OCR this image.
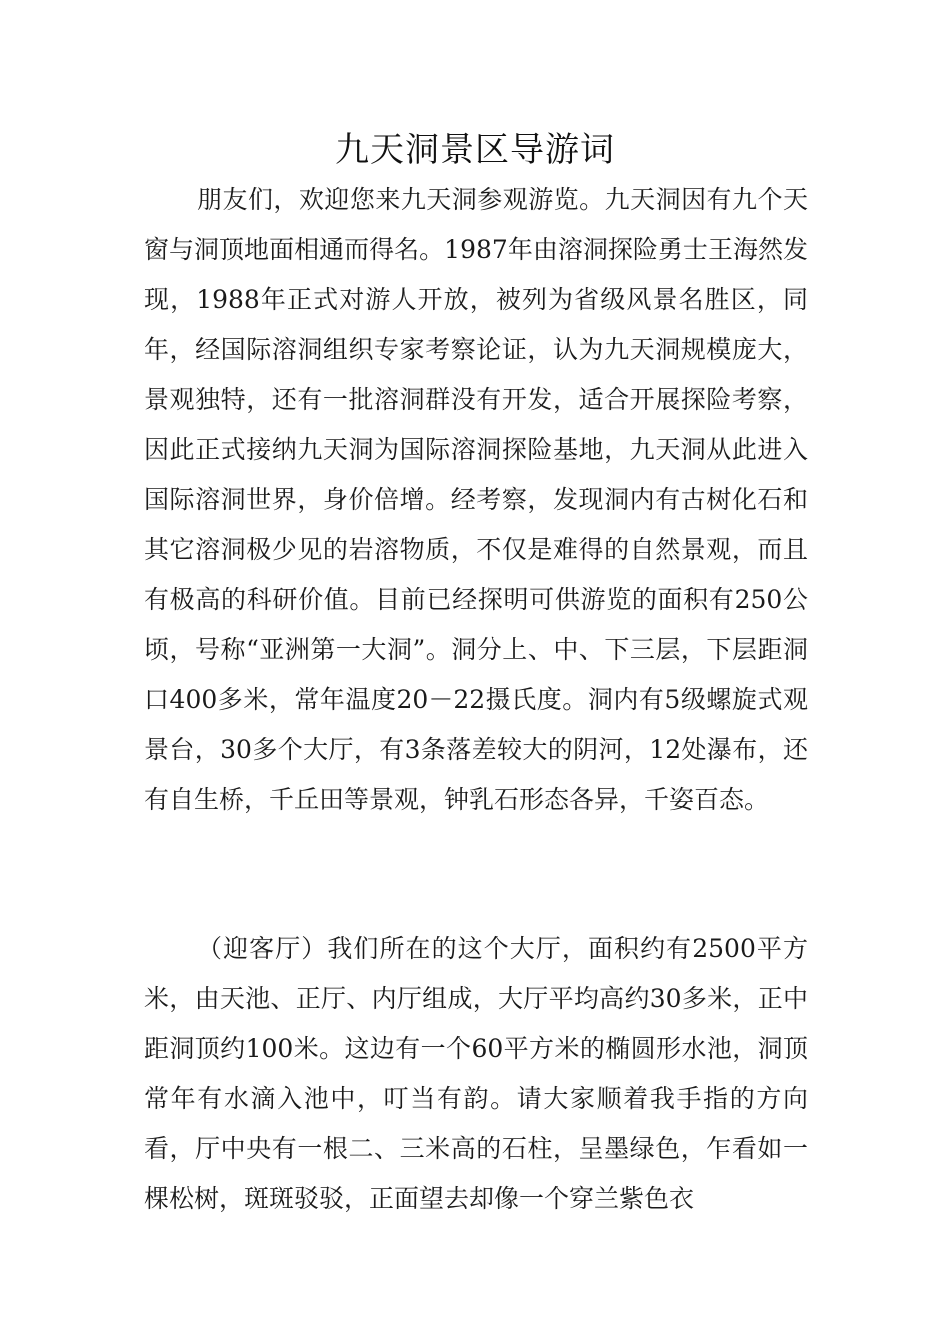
九天洞景区导游词

朋友们，欢迎您来九天洞参观游览。九天洞因有九个天窗与洞顶地面相通而得名。1987年由溶洞探险勇士王海然发现，1988年正式对游人开放，被列为省级风景名胜区，同年，经国际溶洞组织专家考察论证，认为九天洞规模庞大，景观独特，还有一批溶洞群没有开发，适合开展探险考察，因此正式接纳九天洞为国际溶洞探险基地，九天洞从此进入国际溶洞世界，身价倍增。经考察，发现洞内有古树化石和其它溶洞极少见的岩溶物质，不仅是难得的自然景观，而且有极高的科研价值。目前已经探明可供游览的面积有250公顷，号称“亚洲第一大洞”。洞分上、中、下三层，下层距洞口400多米，常年温度20－22摄氏度。洞内有5级螺旋式观景台，30多个大厅，有3条落差较大的阴河，12处瀑布，还有自生桥，千丘田等景观，钟乳石形态各异，千姿百态。

（迎客厅）我们所在的这个大厅，面积约有2500平方米，由天池、正厅、内厅组成，大厅平均高约30多米，正中距洞顶约100米。这边有一个60平方米的椭圆形水池，洞顶常年有水滴入池中，叮当有韵。请大家顺着我手指的方向看，厅中央有一根二、三米高的石柱，呈墨绿色，乍看如一棵松树，斑斑驳驳，正面望去却像一个穿兰紫色衣
